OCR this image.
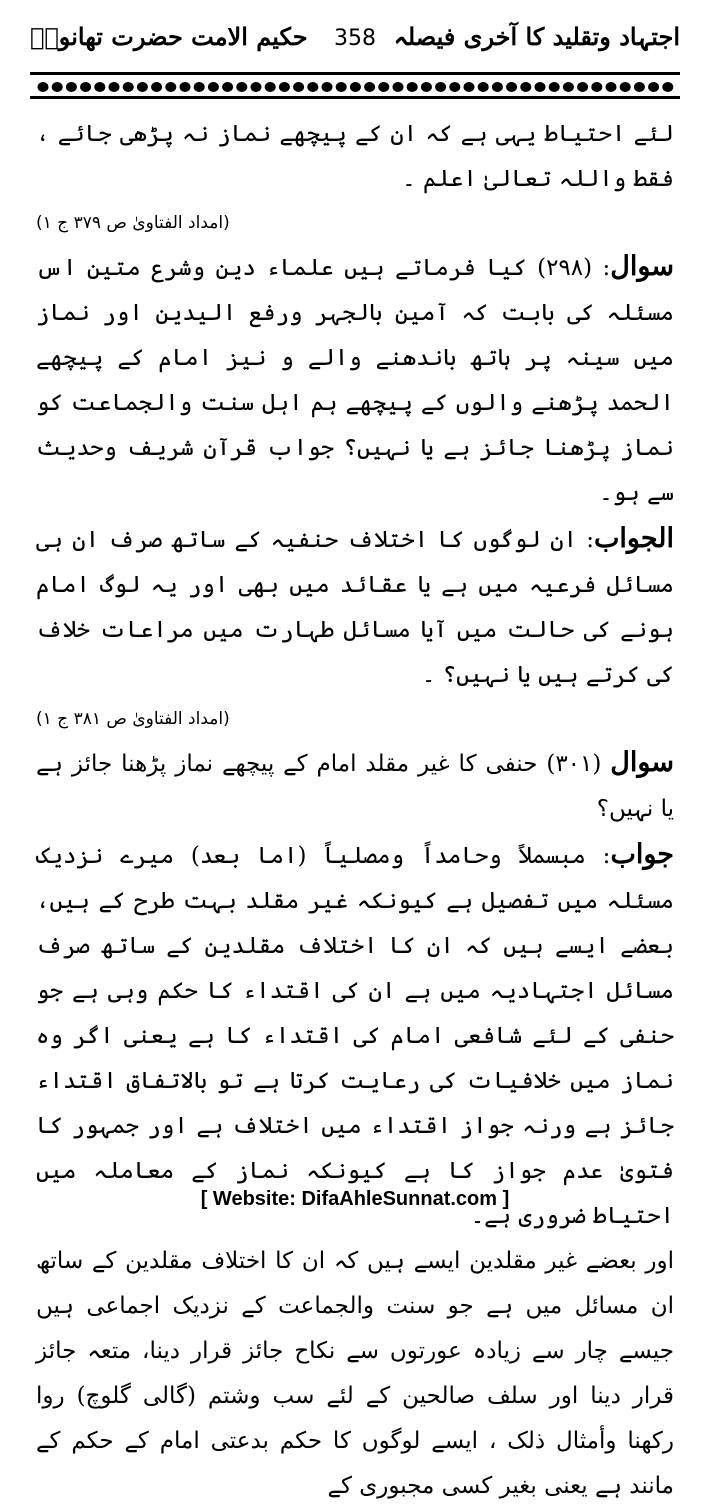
اجتہاد وتقلید کا آخری فیصلہ
358
حکیم الامت حضرت تھانویؒ

لئے احتیاط یہی ہے کہ ان کے پیچھے نماز نہ پڑھی جائے ، فقط واللہ تعالیٰ اعلم ۔

(امداد الفتاویٰ ص ۳۷۹ ج ۱)

سوال: (۲۹۸) کیا فرماتے ہیں علماء دین وشرع متین اس مسئلہ کی بابت کہ آمین بالجہر ورفع الیدین اور نماز میں سینہ پر ہاتھ باندھنے والے و نیز امام کے پیچھے الحمد پڑھنے والوں کے پیچھے ہم اہل سنت والجماعت کو نماز پڑھنا جائز ہے یا نہیں؟ جواب قرآن شریف وحدیث سے ہو۔

الجواب: ان لوگوں کا اختلاف حنفیہ کے ساتھ صرف ان ہی مسائل فرعیہ میں ہے یا عقائد میں بھی اور یہ لوگ امام ہونے کی حالت میں آیا مسائل طہارت میں مراعات خلاف کی کرتے ہیں یا نہیں؟ ۔

(امداد الفتاویٰ ص ۳۸۱ ج ۱)

سوال (۳۰۱) حنفی کا غیر مقلد امام کے پیچھے نماز پڑھنا جائز ہے یا نہیں؟

جواب: مبسملاً وحامداً ومصلیاً (اما بعد) میرے نزدیک مسئلہ میں تفصیل ہے کیونکہ غیر مقلد بہت طرح کے ہیں، بعضے ایسے ہیں کہ ان کا اختلاف مقلدین کے ساتھ صرف مسائل اجتہادیہ میں ہے ان کی اقتداء کا حکم وہی ہے جو حنفی کے لئے شافعی امام کی اقتداء کا ہے یعنی اگر وہ نماز میں خلافیات کی رعایت کرتا ہے تو بالاتفاق اقتداء جائز ہے ورنہ جواز اقتداء میں اختلاف ہے اور جمہور کا فتویٰ عدم جواز کا ہے کیونکہ نماز کے معاملہ میں احتیاط ضروری ہے۔

اور بعضے غیر مقلدین ایسے ہیں کہ ان کا اختلاف مقلدین کے ساتھ ان مسائل میں ہے جو سنت والجماعت کے نزدیک اجماعی ہیں جیسے چار سے زیادہ عورتوں سے نکاح جائز قرار دینا، متعہ جائز قرار دینا اور سلف صالحین کے لئے سب وشتم (گالی گلوچ) روا رکھنا وأمثال ذلک ، ایسے لوگوں کا حکم بدعتی امام کے حکم کے مانند ہے یعنی بغیر کسی مجبوری کے

[ Website: DifaAhleSunnat.com ]
